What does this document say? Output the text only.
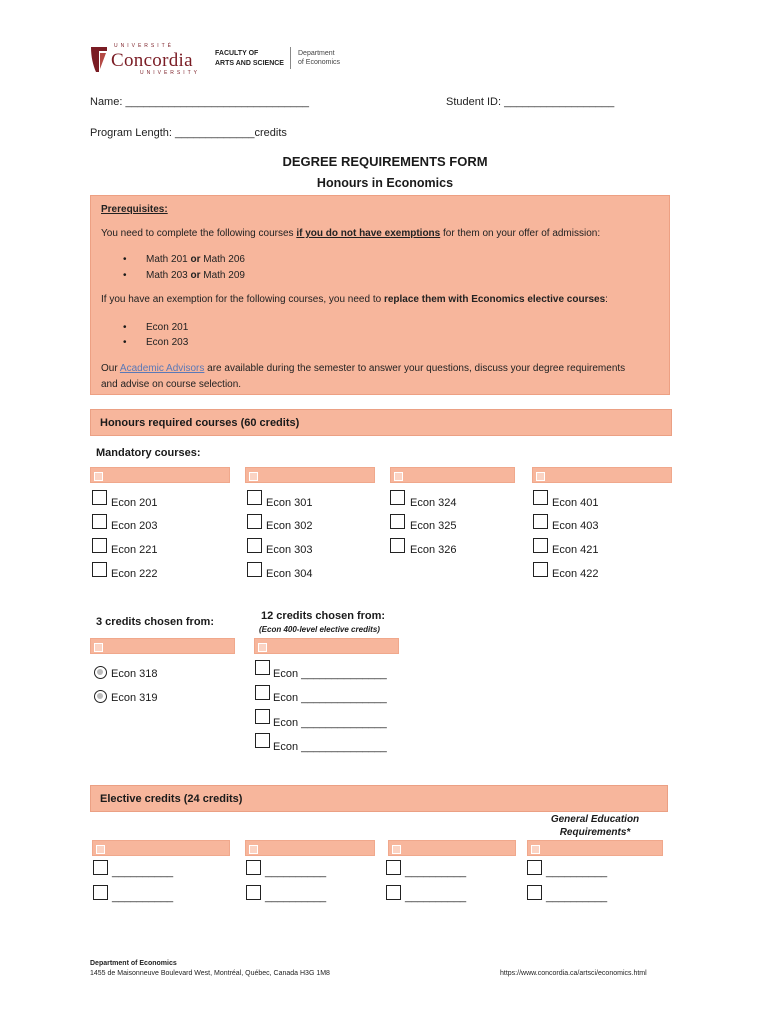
UNIVERSITÉ
Concordia
UNIVERSITY
FACULTY OF
ARTS AND SCIENCE
Department
of Economics
Name: ______________________________	Student ID: __________________
Program Length: _____________credits
DEGREE REQUIREMENTS FORM
Honours in Economics
Prerequisites:
You need to complete the following courses if you do not have exemptions for them on your offer of admission:
• Math 201 or Math 206
• Math 203 or Math 209
If you have an exemption for the following courses, you need to replace them with Economics elective courses:
• Econ 201
• Econ 203
Our Academic Advisors are available during the semester to answer your questions, discuss your degree requirements
and advise on course selection.
Honours required courses (60 credits)
Mandatory courses:
Econ 201
Econ 203
Econ 221
Econ 222
Econ 301
Econ 302
Econ 303
Econ 304
Econ 324
Econ 325
Econ 326
Econ 401
Econ 403
Econ 421
Econ 422
3 credits chosen from:	12 credits chosen from:
(Econ 400-level elective credits)
Econ 318
Econ 319
Econ ______________
Econ ______________
Econ ______________
Econ ______________
Elective credits (24 credits)
General Education
Requirements*
__________
__________
__________
__________
__________
__________
__________
__________
Department of Economics
1455 de Maisonneuve Boulevard West, Montréal, Québec, Canada H3G 1M8	https://www.concordia.ca/artsci/economics.html
